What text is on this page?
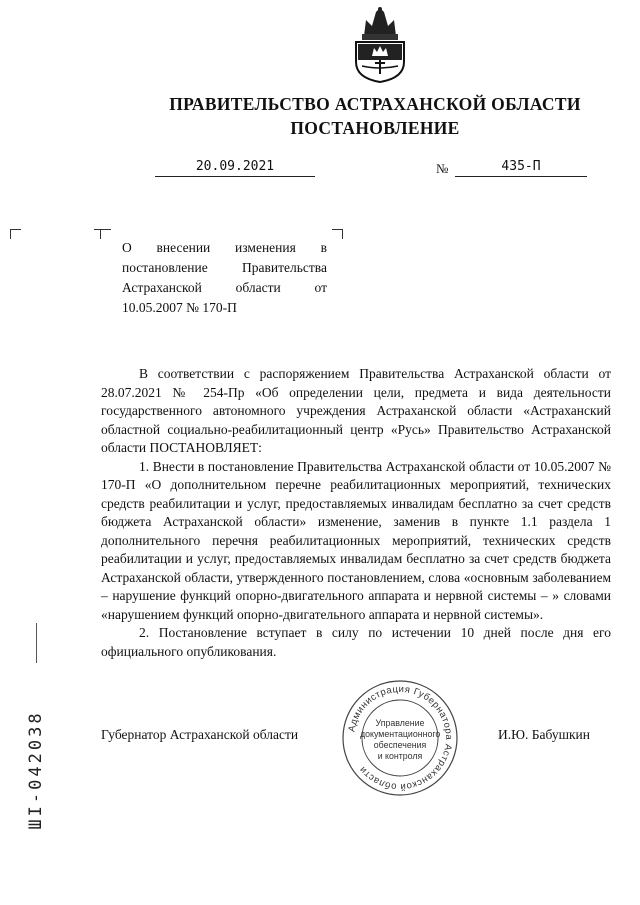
ПРАВИТЕЛЬСТВО АСТРАХАНСКОЙ ОБЛАСТИ
ПОСТАНОВЛЕНИЕ
20.09.2021	№	435-П
О внесении изменения в постановление Правительства Астраханской области от 10.05.2007 № 170-П
В соответствии с распоряжением Правительства Астраханской области от 28.07.2021 № 254-Пр «Об определении цели, предмета и вида деятельности государственного автономного учреждения Астраханской области «Астраханский областной социально-реабилитационный центр «Русь» Правительство Астраханской области ПОСТАНОВЛЯЕТ:
1. Внести в постановление Правительства Астраханской области от 10.05.2007 № 170-П «О дополнительном перечне реабилитационных мероприятий, технических средств реабилитации и услуг, предоставляемых инвалидам бесплатно за счет средств бюджета Астраханской области» изменение, заменив в пункте 1.1 раздела 1 дополнительного перечня реабилитационных мероприятий, технических средств реабилитации и услуг, предоставляемых инвалидам бесплатно за счет средств бюджета Астраханской области, утвержденного постановлением, слова «основным заболеванием – нарушение функций опорно-двигательного аппарата и нервной системы – » словами «нарушением функций опорно-двигательного аппарата и нервной системы».
2. Постановление вступает в силу по истечении 10 дней после дня его официального опубликования.
Губернатор Астраханской области	И.Ю. Бабушкин
Администрация Губернатора Астраханской области
Управление
документационного
обеспечения
и контроля
ШI-042038
